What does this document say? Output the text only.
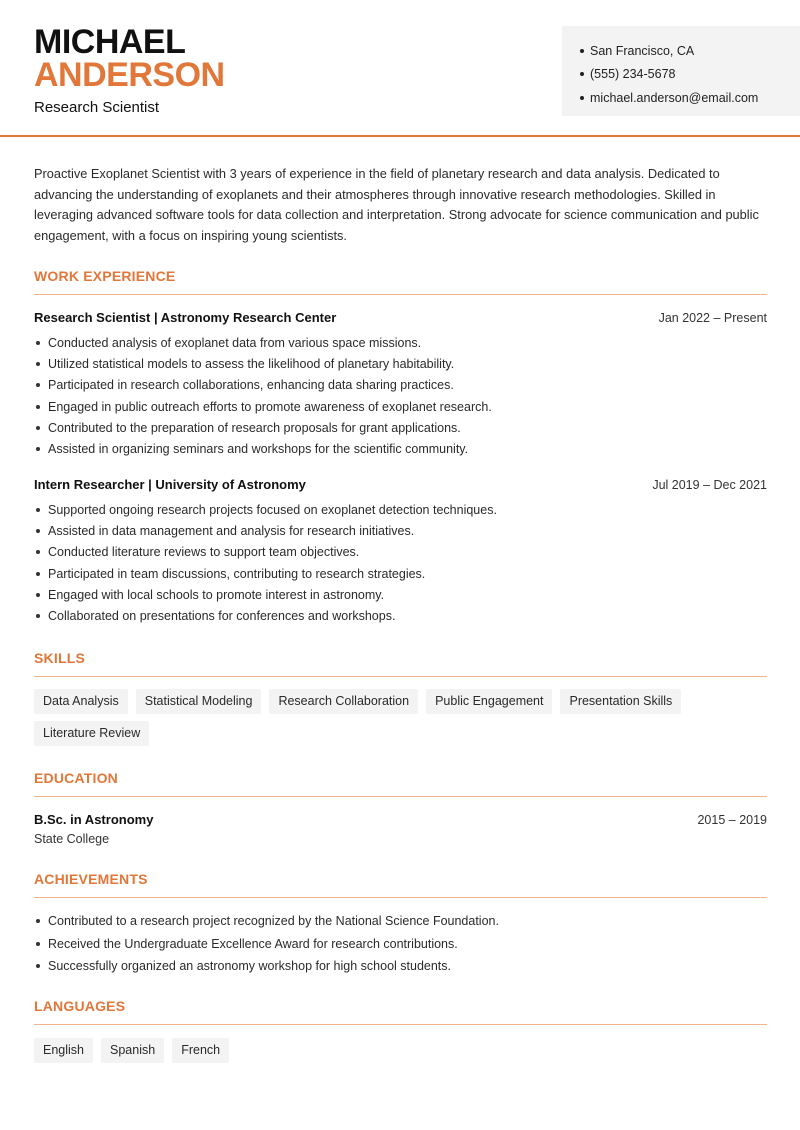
MICHAEL
ANDERSON
Research Scientist
San Francisco, CA
(555) 234-5678
michael.anderson@email.com
Proactive Exoplanet Scientist with 3 years of experience in the field of planetary research and data analysis. Dedicated to advancing the understanding of exoplanets and their atmospheres through innovative research methodologies. Skilled in leveraging advanced software tools for data collection and interpretation. Strong advocate for science communication and public engagement, with a focus on inspiring young scientists.
WORK EXPERIENCE
Research Scientist | Astronomy Research Center	Jan 2022 – Present
Conducted analysis of exoplanet data from various space missions.
Utilized statistical models to assess the likelihood of planetary habitability.
Participated in research collaborations, enhancing data sharing practices.
Engaged in public outreach efforts to promote awareness of exoplanet research.
Contributed to the preparation of research proposals for grant applications.
Assisted in organizing seminars and workshops for the scientific community.
Intern Researcher | University of Astronomy	Jul 2019 – Dec 2021
Supported ongoing research projects focused on exoplanet detection techniques.
Assisted in data management and analysis for research initiatives.
Conducted literature reviews to support team objectives.
Participated in team discussions, contributing to research strategies.
Engaged with local schools to promote interest in astronomy.
Collaborated on presentations for conferences and workshops.
SKILLS
Data Analysis	Statistical Modeling	Research Collaboration	Public Engagement	Presentation Skills
Literature Review
EDUCATION
B.Sc. in Astronomy	2015 – 2019
State College
ACHIEVEMENTS
Contributed to a research project recognized by the National Science Foundation.
Received the Undergraduate Excellence Award for research contributions.
Successfully organized an astronomy workshop for high school students.
LANGUAGES
English	Spanish	French
